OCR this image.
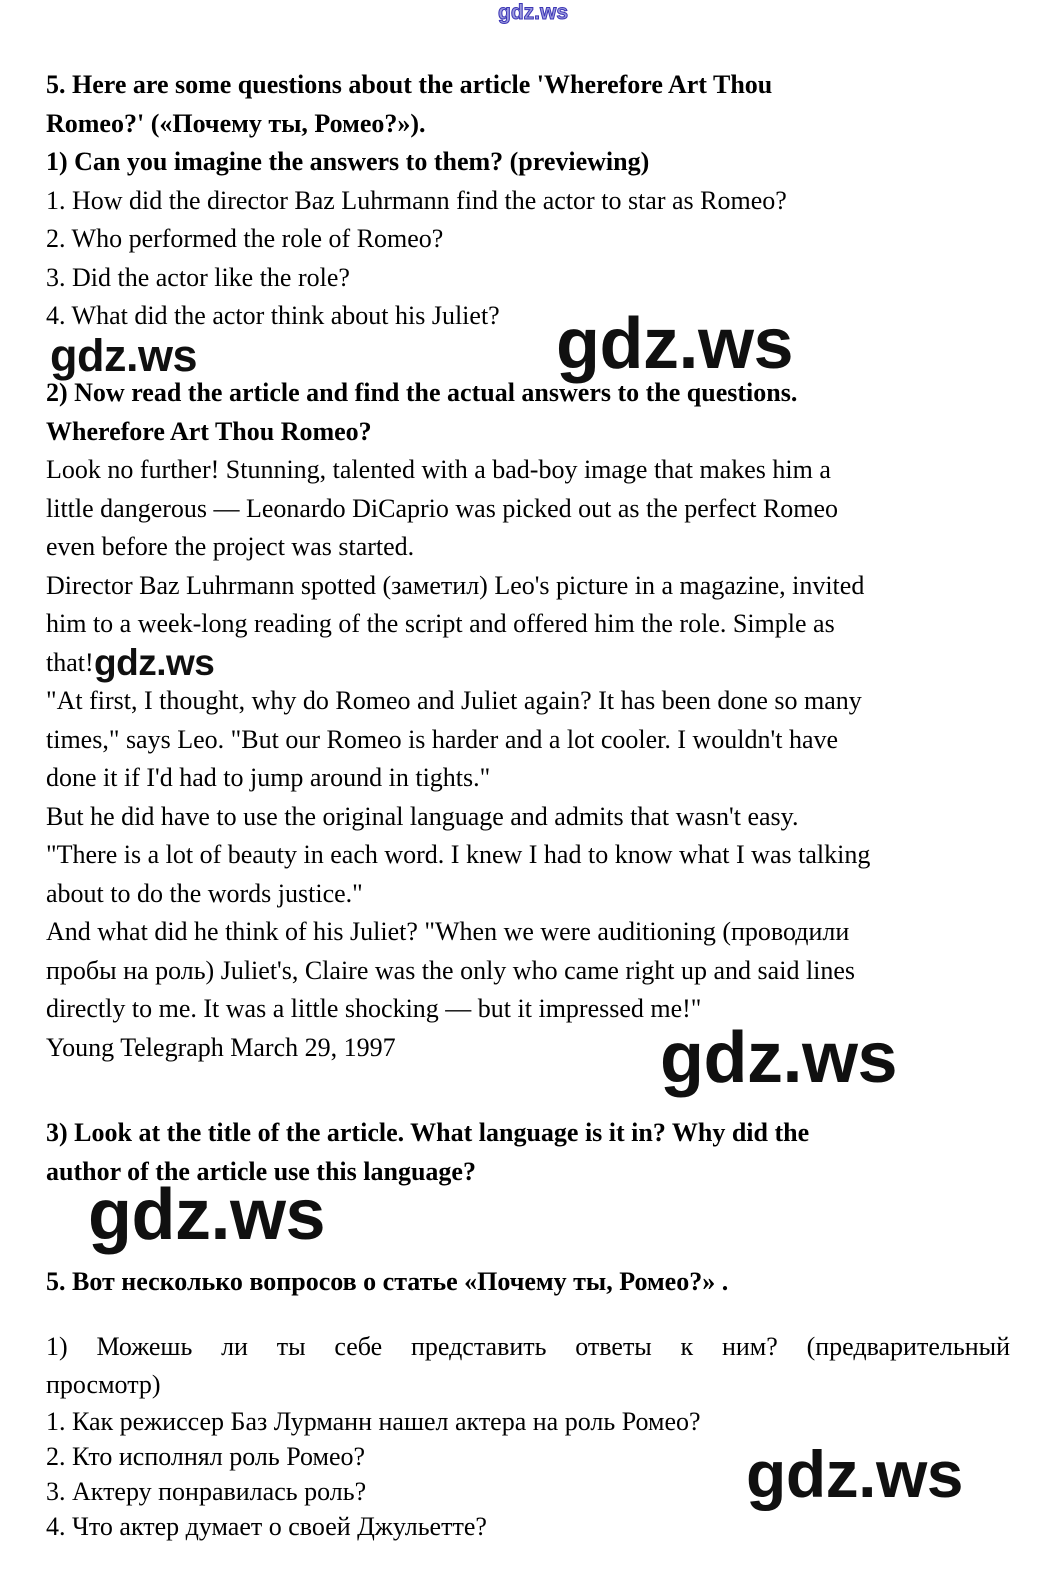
gdz.ws
gdz.ws	gdz.ws
gdz.ws
gdz.ws
gdz.ws
gdz.ws
5. Here are some questions about the article 'Wherefore Art Thou
Romeo?' («Почему ты, Ромео?»).
1) Can you imagine the answers to them? (previewing)
1. How did the director Baz Luhrmann find the actor to star as Romeo?
2. Who performed the role of Romeo?
3. Did the actor like the role?
4. What did the actor think about his Juliet?
2) Now read the article and find the actual answers to the questions.
Wherefore Art Thou Romeo?
Look no further! Stunning, talented with a bad-boy image that makes him a
little dangerous — Leonardo DiCaprio was picked out as the perfect Romeo
even before the project was started.
Director Baz Luhrmann spotted (заметил) Leo's picture in a magazine, invited
him to a week-long reading of the script and offered him the role. Simple as
that!
"At first, I thought, why do Romeo and Juliet again? It has been done so many
times," says Leo. "But our Romeo is harder and a lot cooler. I wouldn't have
done it if I'd had to jump around in tights."
But he did have to use the original language and admits that wasn't easy.
"There is a lot of beauty in each word. I knew I had to know what I was talking
about to do the words justice."
And what did he think of his Juliet? "When we were auditioning (проводили
пробы на роль) Juliet's, Claire was the only who came right up and said lines
directly to me. It was a little shocking — but it impressed me!"
Young Telegraph March 29, 1997
3) Look at the title of the article. What language is it in? Why did the
author of the article use this language?
5. Вот несколько вопросов о статье «Почему ты, Ромео?» .
1) Можешь ли ты себе представить ответы к ним? (предварительный
просмотр)
1. Как режиссер Баз Лурманн нашел актера на роль Ромео?
2. Кто исполнял роль Ромео?
3. Актеру понравилась роль?
4. Что актер думает о своей Джульетте?
